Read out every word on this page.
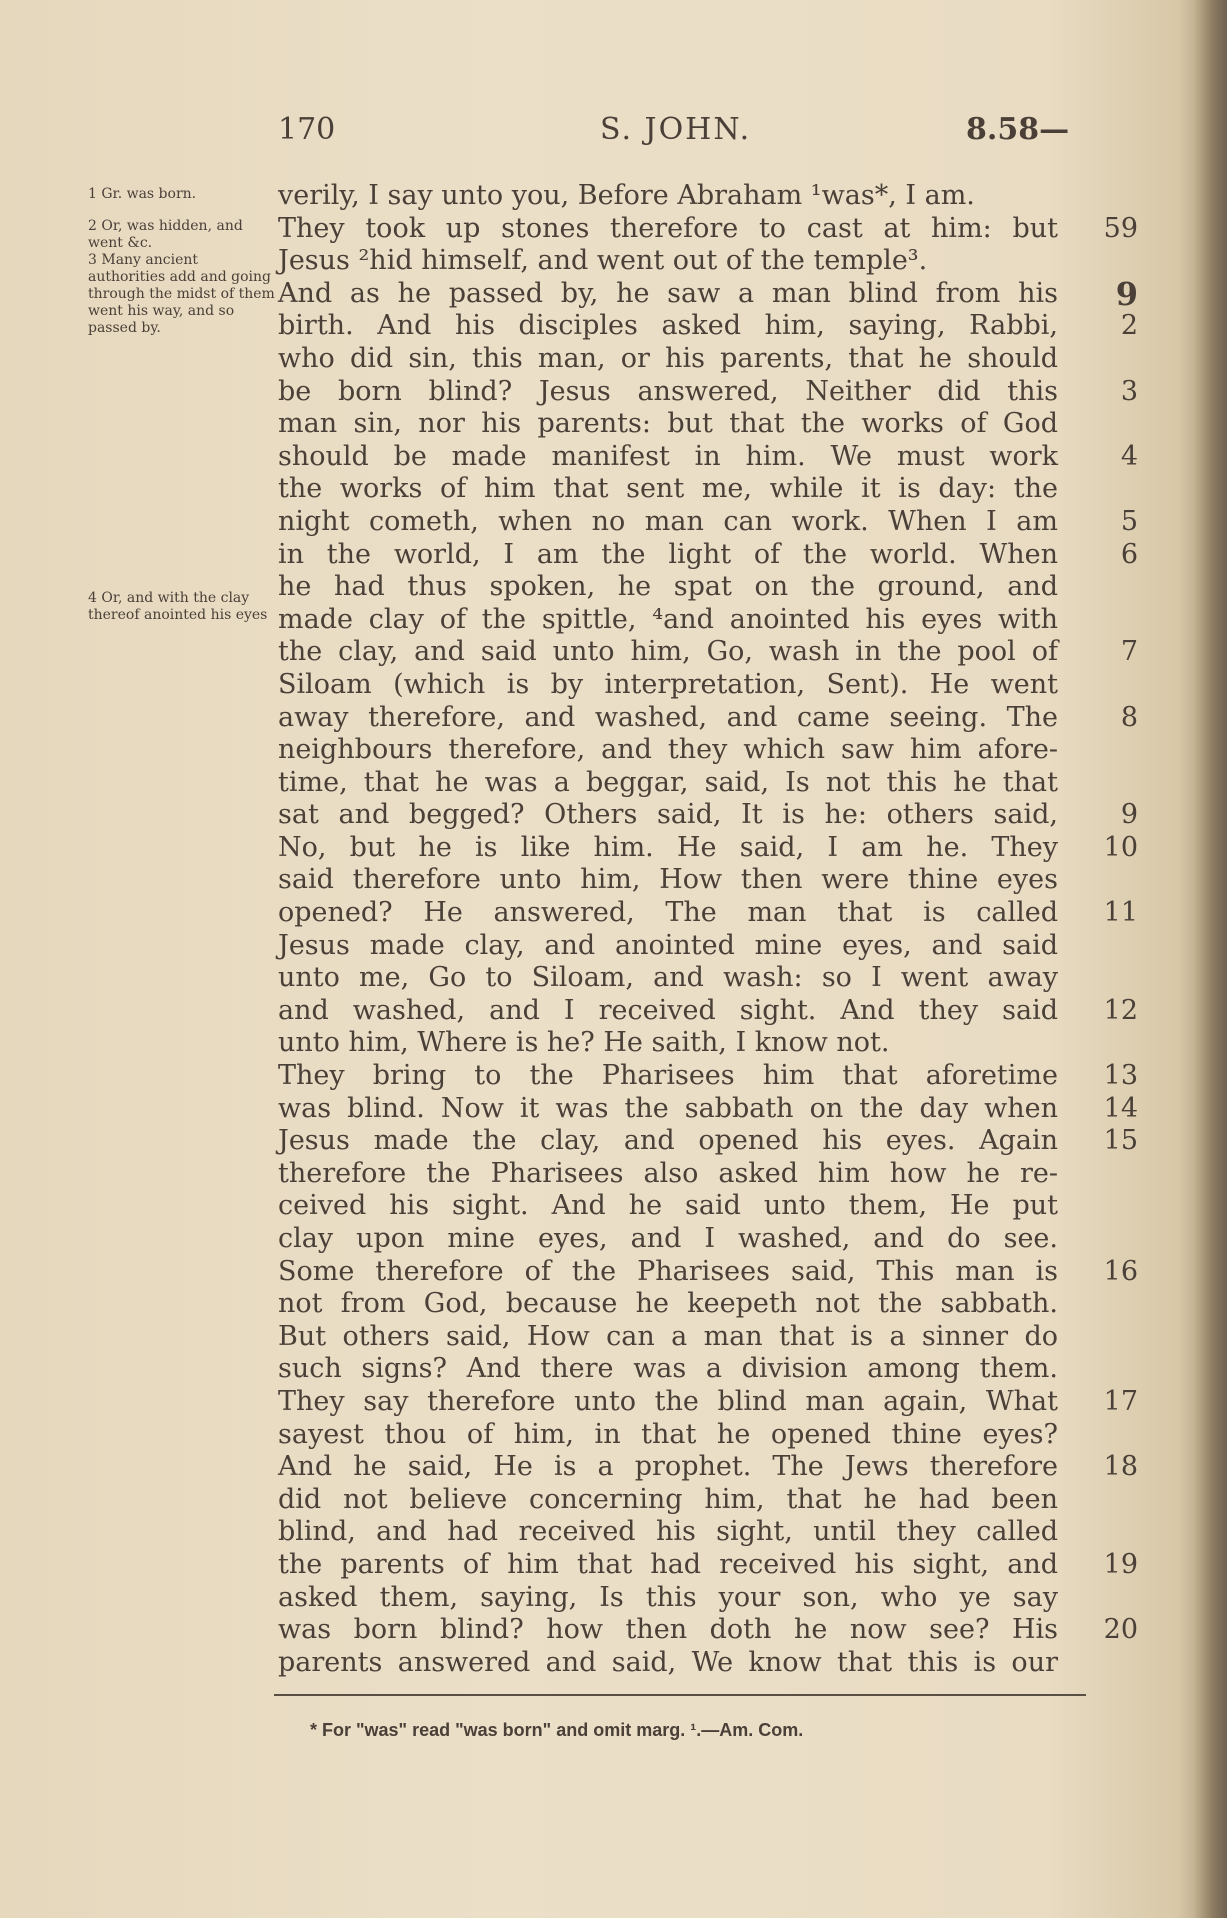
170	S. JOHN.	8.58—
1 Gr. was born.
2 Or, was hidden, and went &c.
3 Many ancient authorities add and going through the midst of them went his way, and so passed by.
4 Or, and with the clay thereof anointed his eyes
verily, I say unto you, Before Abraham ¹was*, I am.
They took up stones therefore to cast at him: but	59
Jesus ²hid himself, and went out of the temple³.
And as he passed by, he saw a man blind from his	9
birth. And his disciples asked him, saying, Rabbi,	2
who did sin, this man, or his parents, that he should
be born blind? Jesus answered, Neither did this	3
man sin, nor his parents: but that the works of God
should be made manifest in him. We must work	4
the works of him that sent me, while it is day: the
night cometh, when no man can work. When I am	5
in the world, I am the light of the world. When	6
he had thus spoken, he spat on the ground, and
made clay of the spittle, ⁴and anointed his eyes with
the clay, and said unto him, Go, wash in the pool of	7
Siloam (which is by interpretation, Sent). He went
away therefore, and washed, and came seeing. The	8
neighbours therefore, and they which saw him afore-
time, that he was a beggar, said, Is not this he that
sat and begged? Others said, It is he: others said,	9
No, but he is like him. He said, I am he. They	10
said therefore unto him, How then were thine eyes
opened? He answered, The man that is called	11
Jesus made clay, and anointed mine eyes, and said
unto me, Go to Siloam, and wash: so I went away
and washed, and I received sight. And they said	12
unto him, Where is he? He saith, I know not.
They bring to the Pharisees him that aforetime	13
was blind. Now it was the sabbath on the day when	14
Jesus made the clay, and opened his eyes. Again	15
therefore the Pharisees also asked him how he re-
ceived his sight. And he said unto them, He put
clay upon mine eyes, and I washed, and do see.
Some therefore of the Pharisees said, This man is	16
not from God, because he keepeth not the sabbath.
But others said, How can a man that is a sinner do
such signs? And there was a division among them.
They say therefore unto the blind man again, What	17
sayest thou of him, in that he opened thine eyes?
And he said, He is a prophet. The Jews therefore	18
did not believe concerning him, that he had been
blind, and had received his sight, until they called
the parents of him that had received his sight, and	19
asked them, saying, Is this your son, who ye say
was born blind? how then doth he now see? His	20
parents answered and said, We know that this is our
* For "was" read "was born" and omit marg. ¹.—Am. Com.
